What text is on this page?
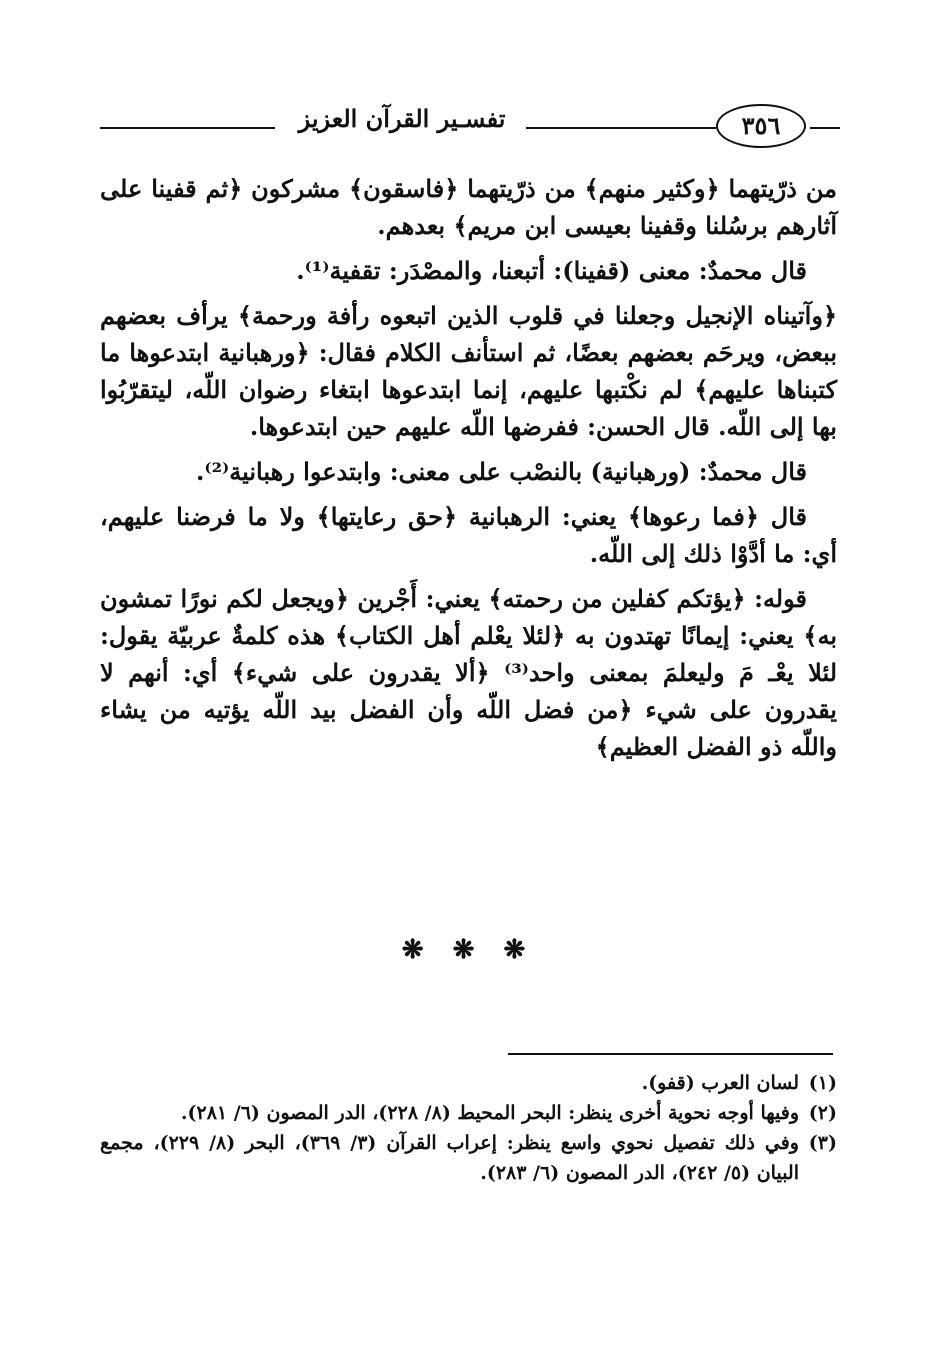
٣٥٦
تفسـير القرآن العزيز

من ذرّيتهما ﴿وكثير منهم﴾ من ذرّيتهما ﴿فاسقون﴾ مشركون ﴿ثم قفينا على آثارهم برسُلنا وقفينا بعيسى ابن مريم﴾ بعدهم.

قال محمدٌ: معنى (قفينا): أتبعنا، والمصْدَر: تقفية⁽¹⁾.

﴿وآتيناه الإنجيل وجعلنا في قلوب الذين اتبعوه رأفة ورحمة﴾ يرأف بعضهم ببعض، ويرحَم بعضهم بعضًا، ثم استأنف الكلام فقال: ﴿ورهبانية ابتدعوها ما كتبناها عليهم﴾ لم نكْتبها عليهم، إنما ابتدعوها ابتغاء رضوان اللّه، ليتقرّبُوا بها إلى اللّه. قال الحسن: ففرضها اللّه عليهم حين ابتدعوها.

قال محمدٌ: (ورهبانية) بالنصْب على معنى: وابتدعوا رهبانية⁽²⁾.

قال ﴿فما رعوها﴾ يعني: الرهبانية ﴿حق رعايتها﴾ ولا ما فرضنا عليهم، أي: ما أدَّوْا ذلك إلى اللّه.

قوله: ﴿يؤتكم كفلين من رحمته﴾ يعني: أَجْرين ﴿ويجعل لكم نورًا تمشون به﴾ يعني: إيمانًا تهتدون به ﴿لئلا يعْلم أهل الكتاب﴾ هذه كلمةٌ عربيّة يقول: لئلا يعْـ مَ وليعلمَ بمعنى واحد⁽³⁾ ﴿ألا يقدرون على شيء﴾ أي: أنهم لا يقدرون على شيء ﴿من فضل اللّه وأن الفضل بيد اللّه يؤتيه من يشاء واللّه ذو الفضل العظيم﴾

❋ ❋ ❋
(١)
لسان العرب (قفو).
(٢)
وفيها أوجه نحوية أخرى ينظر: البحر المحيط (٨/ ٢٢٨)، الدر المصون (٦/ ٢٨١).
(٣)
وفي ذلك تفصيل نحوي واسع ينظر: إعراب القرآن (٣/ ٣٦٩)، البحر (٨/ ٢٢٩)، مجمع البيان (٥/ ٢٤٢)، الدر المصون (٦/ ٢٨٣).
